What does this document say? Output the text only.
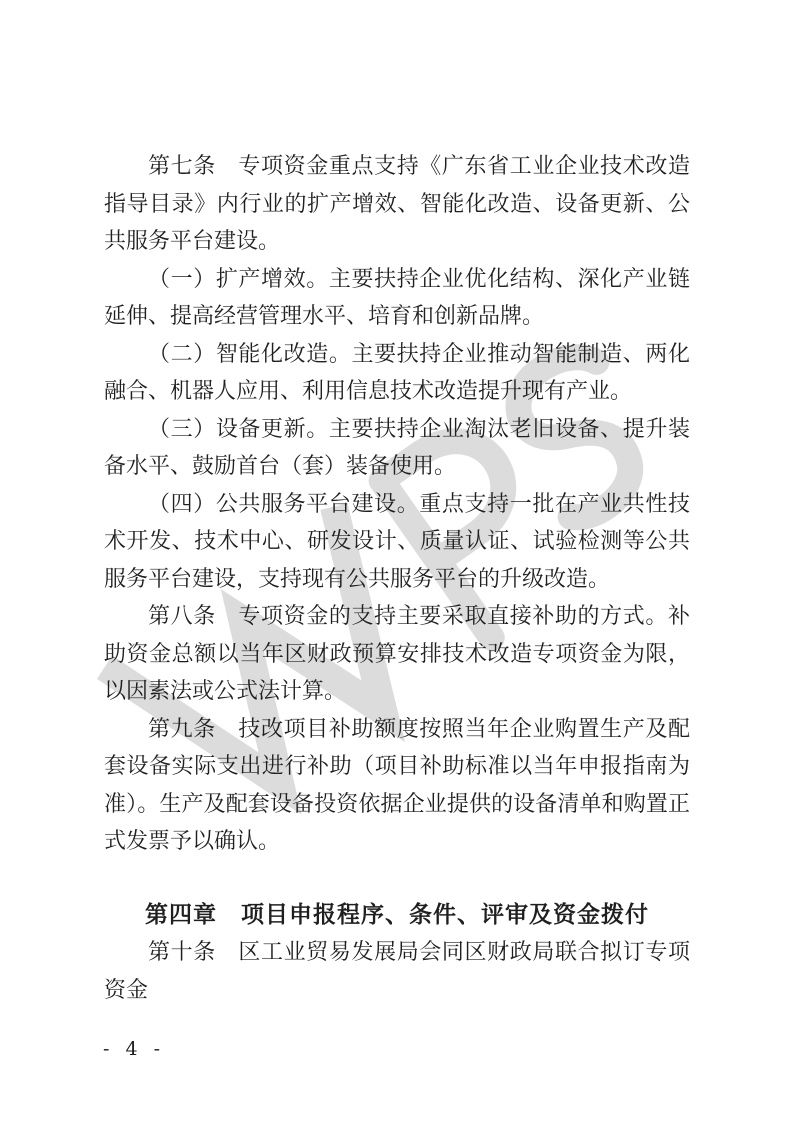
第七条　专项资金重点支持《广东省工业企业技术改造指导目录》内行业的扩产增效、智能化改造、设备更新、公共服务平台建设。

（一）扩产增效。主要扶持企业优化结构、深化产业链延伸、提高经营管理水平、培育和创新品牌。

（二）智能化改造。主要扶持企业推动智能制造、两化融合、机器人应用、利用信息技术改造提升现有产业。

（三）设备更新。主要扶持企业淘汰老旧设备、提升装备水平、鼓励首台（套）装备使用。

（四）公共服务平台建设。重点支持一批在产业共性技术开发、技术中心、研发设计、质量认证、试验检测等公共服务平台建设，支持现有公共服务平台的升级改造。

第八条　专项资金的支持主要采取直接补助的方式。补助资金总额以当年区财政预算安排技术改造专项资金为限，以因素法或公式法计算。

第九条　技改项目补助额度按照当年企业购置生产及配套设备实际支出进行补助（项目补助标准以当年申报指南为准）。生产及配套设备投资依据企业提供的设备清单和购置正式发票予以确认。

第四章　项目申报程序、条件、评审及资金拨付

第十条　区工业贸易发展局会同区财政局联合拟订专项资金

- 4 -
